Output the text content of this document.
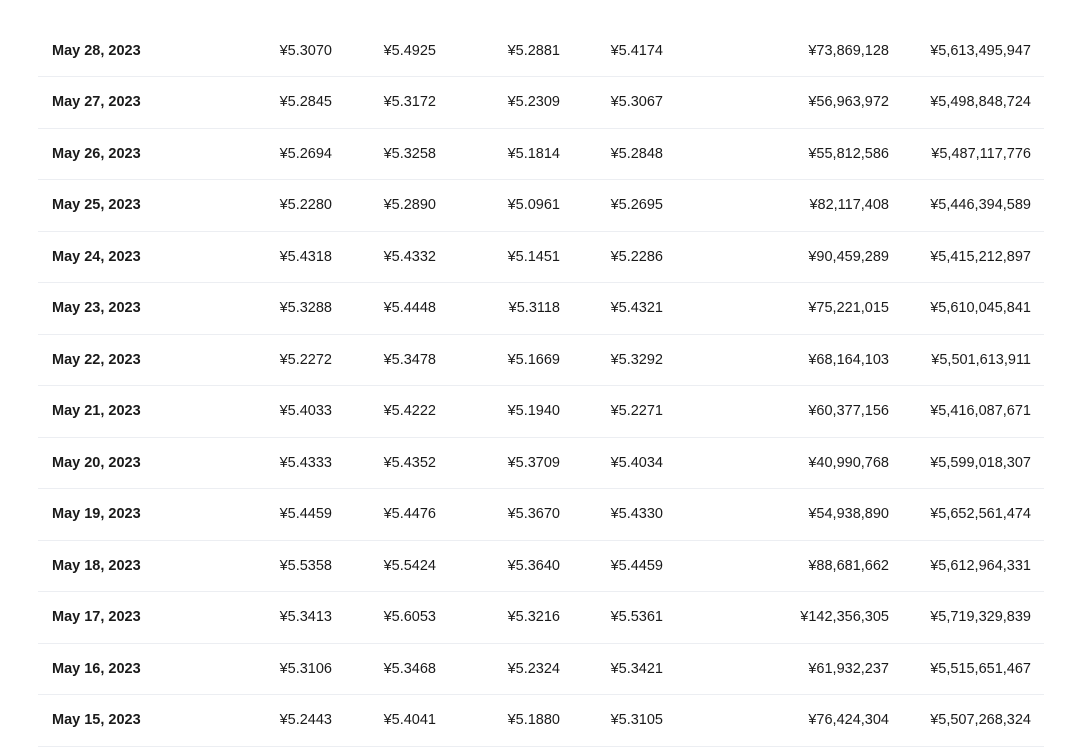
May 28, 2023	¥5.3070	¥5.4925	¥5.2881	¥5.4174	¥73,869,128	¥5,613,495,947	
May 27, 2023	¥5.2845	¥5.3172	¥5.2309	¥5.3067	¥56,963,972	¥5,498,848,724	
May 26, 2023	¥5.2694	¥5.3258	¥5.1814	¥5.2848	¥55,812,586	¥5,487,117,776	
May 25, 2023	¥5.2280	¥5.2890	¥5.0961	¥5.2695	¥82,117,408	¥5,446,394,589	
May 24, 2023	¥5.4318	¥5.4332	¥5.1451	¥5.2286	¥90,459,289	¥5,415,212,897	
May 23, 2023	¥5.3288	¥5.4448	¥5.3118	¥5.4321	¥75,221,015	¥5,610,045,841	
May 22, 2023	¥5.2272	¥5.3478	¥5.1669	¥5.3292	¥68,164,103	¥5,501,613,911	
May 21, 2023	¥5.4033	¥5.4222	¥5.1940	¥5.2271	¥60,377,156	¥5,416,087,671	
May 20, 2023	¥5.4333	¥5.4352	¥5.3709	¥5.4034	¥40,990,768	¥5,599,018,307	
May 19, 2023	¥5.4459	¥5.4476	¥5.3670	¥5.4330	¥54,938,890	¥5,652,561,474	
May 18, 2023	¥5.5358	¥5.5424	¥5.3640	¥5.4459	¥88,681,662	¥5,612,964,331	
May 17, 2023	¥5.3413	¥5.6053	¥5.3216	¥5.5361	¥142,356,305	¥5,719,329,839	
May 16, 2023	¥5.3106	¥5.3468	¥5.2324	¥5.3421	¥61,932,237	¥5,515,651,467	
May 15, 2023	¥5.2443	¥5.4041	¥5.1880	¥5.3105	¥76,424,304	¥5,507,268,324	
